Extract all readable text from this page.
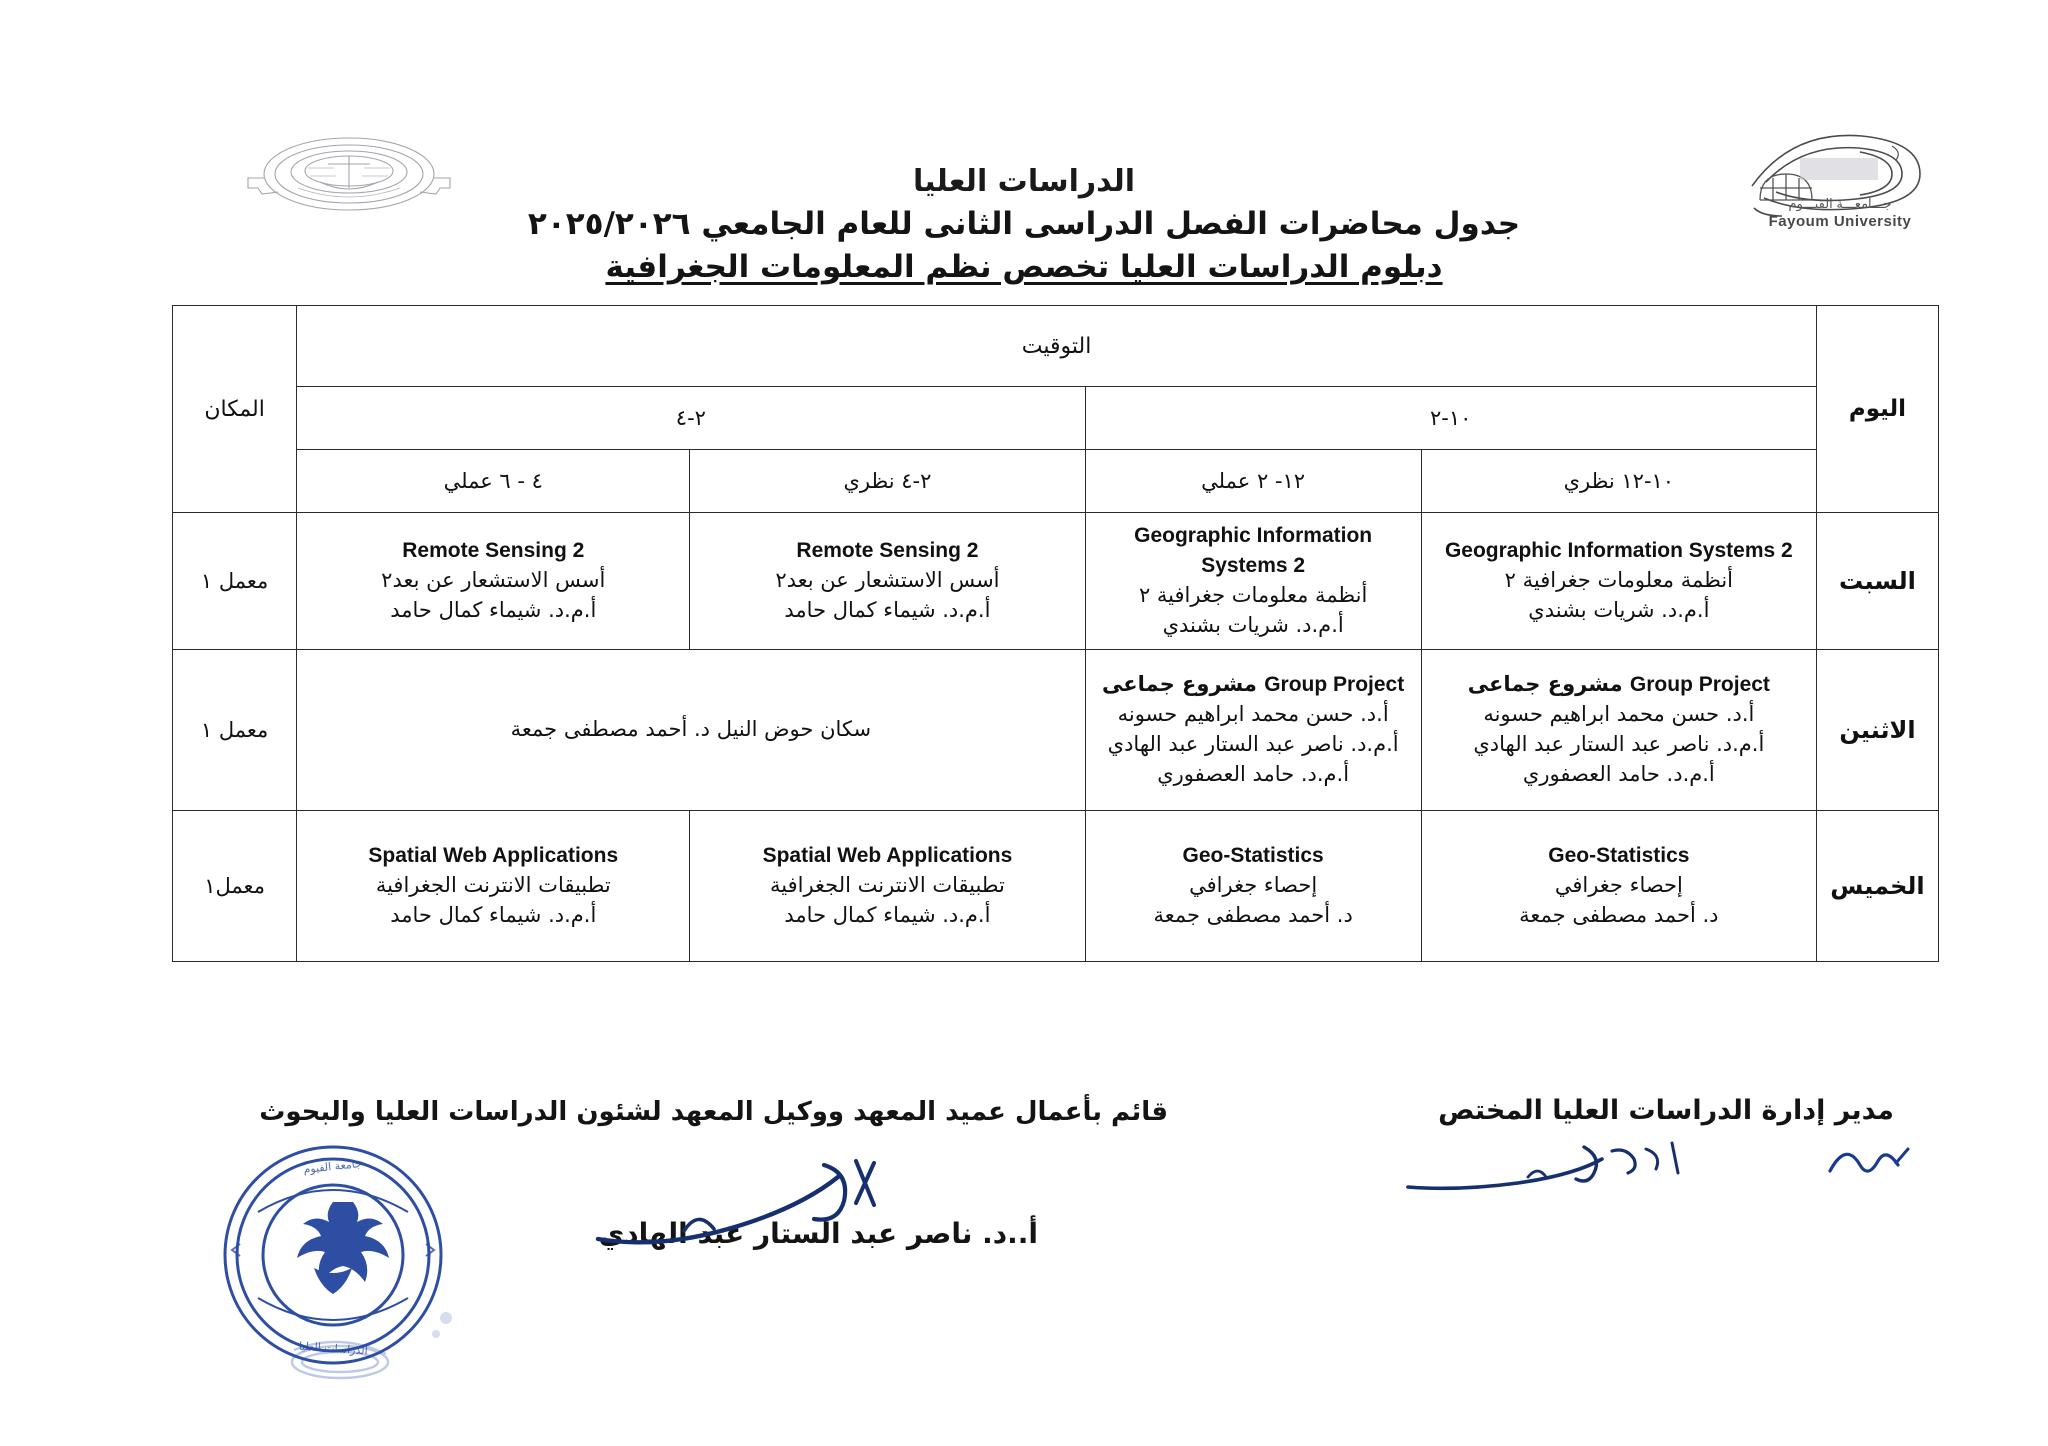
الدراسات العليا
جـــامعـــة الفيـــوم
Fayoum University
جدول محاضرات الفصل الدراسى الثانى للعام الجامعي ٢٠٢٥/٢٠٢٦
دبلوم الدراسات العليا تخصص نظم المعلومات الجغرافية
اليوم	التوقيت				المكان
	١٠-٢		٢-٤		
	١٠-١٢ نظري	١٢- ٢ عملي	٢-٤ نظري	٤ - ٦ عملي	
السبت	Geographic Information Systems 2
أنظمة معلومات جغرافية ٢
أ.م.د. شريات بشندي	Geographic Information Systems 2
أنظمة معلومات جغرافية ٢
أ.م.د. شريات بشندي	Remote Sensing 2
أسس الاستشعار عن بعد٢
أ.م.د. شيماء كمال حامد	Remote Sensing 2
أسس الاستشعار عن بعد٢
أ.م.د. شيماء كمال حامد	معمل ١
الاثنين	Group Project مشروع جماعى
أ.د. حسن محمد ابراهيم حسونه
أ.م.د. ناصر عبد الستار عبد الهادي
أ.م.د. حامد العصفوري	Group Project مشروع جماعى
أ.د. حسن محمد ابراهيم حسونه
أ.م.د. ناصر عبد الستار عبد الهادي
أ.م.د. حامد العصفوري	سكان حوض النيل د. أحمد مصطفى جمعة		معمل ١
الخميس	Geo-Statistics
إحصاء جغرافي
د. أحمد مصطفى جمعة	Geo-Statistics
إحصاء جغرافي
د. أحمد مصطفى جمعة	Spatial Web Applications
تطبيقات الانترنت الجغرافية
أ.م.د. شيماء كمال حامد	Spatial Web Applications
تطبيقات الانترنت الجغرافية
أ.م.د. شيماء كمال حامد	معمل١
مدير إدارة الدراسات العليا المختص
قائم بأعمال عميد المعهد ووكيل المعهد لشئون الدراسات العليا والبحوث
أ..د. ناصر عبد الستار عبد الهادي
جامعة الفيوم
الدراسات العليا
